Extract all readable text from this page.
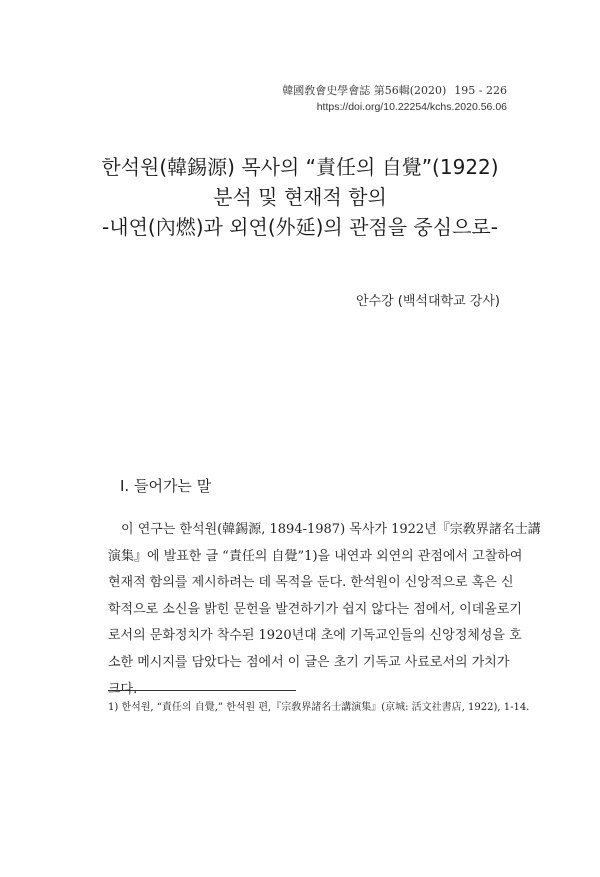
韓國敎會史學會誌 第56輯(2020) 195 - 226
https://doi.org/10.22254/kchs.2020.56.06
한석원(韓錫源) 목사의 “責任의 自覺”(1922)
분석 및 현재적 함의
-내연(內燃)과 외연(外延)의 관점을 중심으로-
안수강 (백석대학교 강사)
I. 들어가는 말
이 연구는 한석원(韓錫源, 1894-1987) 목사가 1922년『宗敎界諸名士講
演集』에 발표한 글 “責任의 自覺”1)을 내연과 외연의 관점에서 고찰하여
현재적 함의를 제시하려는 데 목적을 둔다. 한석원이 신앙적으로 혹은 신
학적으로 소신을 밝힌 문헌을 발견하기가 쉽지 않다는 점에서, 이데올로기
로서의 문화정치가 착수된 1920년대 초에 기독교인들의 신앙정체성을 호
소한 메시지를 담았다는 점에서 이 글은 초기 기독교 사료로서의 가치가
1) 한석원, “責任의 自覺,” 한석원 편,『宗敎界諸名士講演集』(京城: 活文社書店, 1922), 1-14.
